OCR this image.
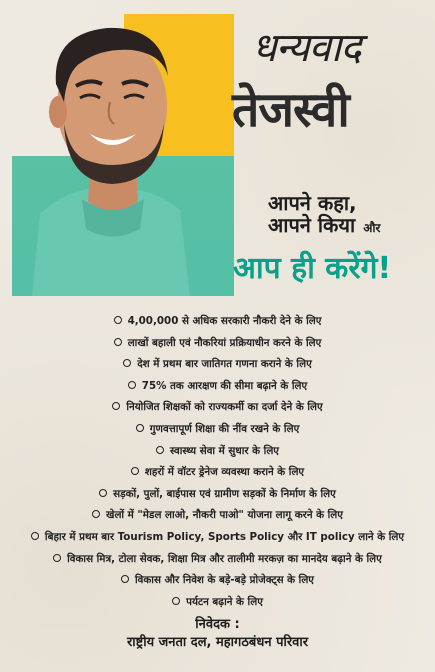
धन्यवाद
तेजस्वी
आपने कहा,
आपने किया और
आप ही करेंगे!
4,00,000 से अधिक सरकारी नौकरी देने के लिए
लाखों बहाली एवं नौकरियां प्रक्रियाधीन करने के लिए
देश में प्रथम बार जातिगत गणना कराने के लिए
75% तक आरक्षण की सीमा बढ़ाने के लिए
नियोजित शिक्षकों को राज्यकर्मी का दर्जा देने के लिए
गुणवत्तापूर्ण शिक्षा की नींव रखने के लिए
स्वास्थ्य सेवा में सुधार के लिए
शहरों में वॉटर ड्रेनेज व्यवस्था कराने के लिए
सड़कों, पुलों, बाईपास एवं ग्रामीण सड़कों के निर्माण के लिए
खेलों में "मेडल लाओ, नौकरी पाओ" योजना लागू करने के लिए
बिहार में प्रथम बार Tourism Policy, Sports Policy और IT policy लाने के लिए
विकास मित्र, टोला सेवक, शिक्षा मित्र और तालीमी मरकज़ का मानदेय बढ़ाने के लिए
विकास और निवेश के बड़े-बड़े प्रोजेक्ट्स के लिए
पर्यटन बढ़ाने के लिए
निवेदक :
राष्ट्रीय जनता दल, महागठबंधन परिवार
